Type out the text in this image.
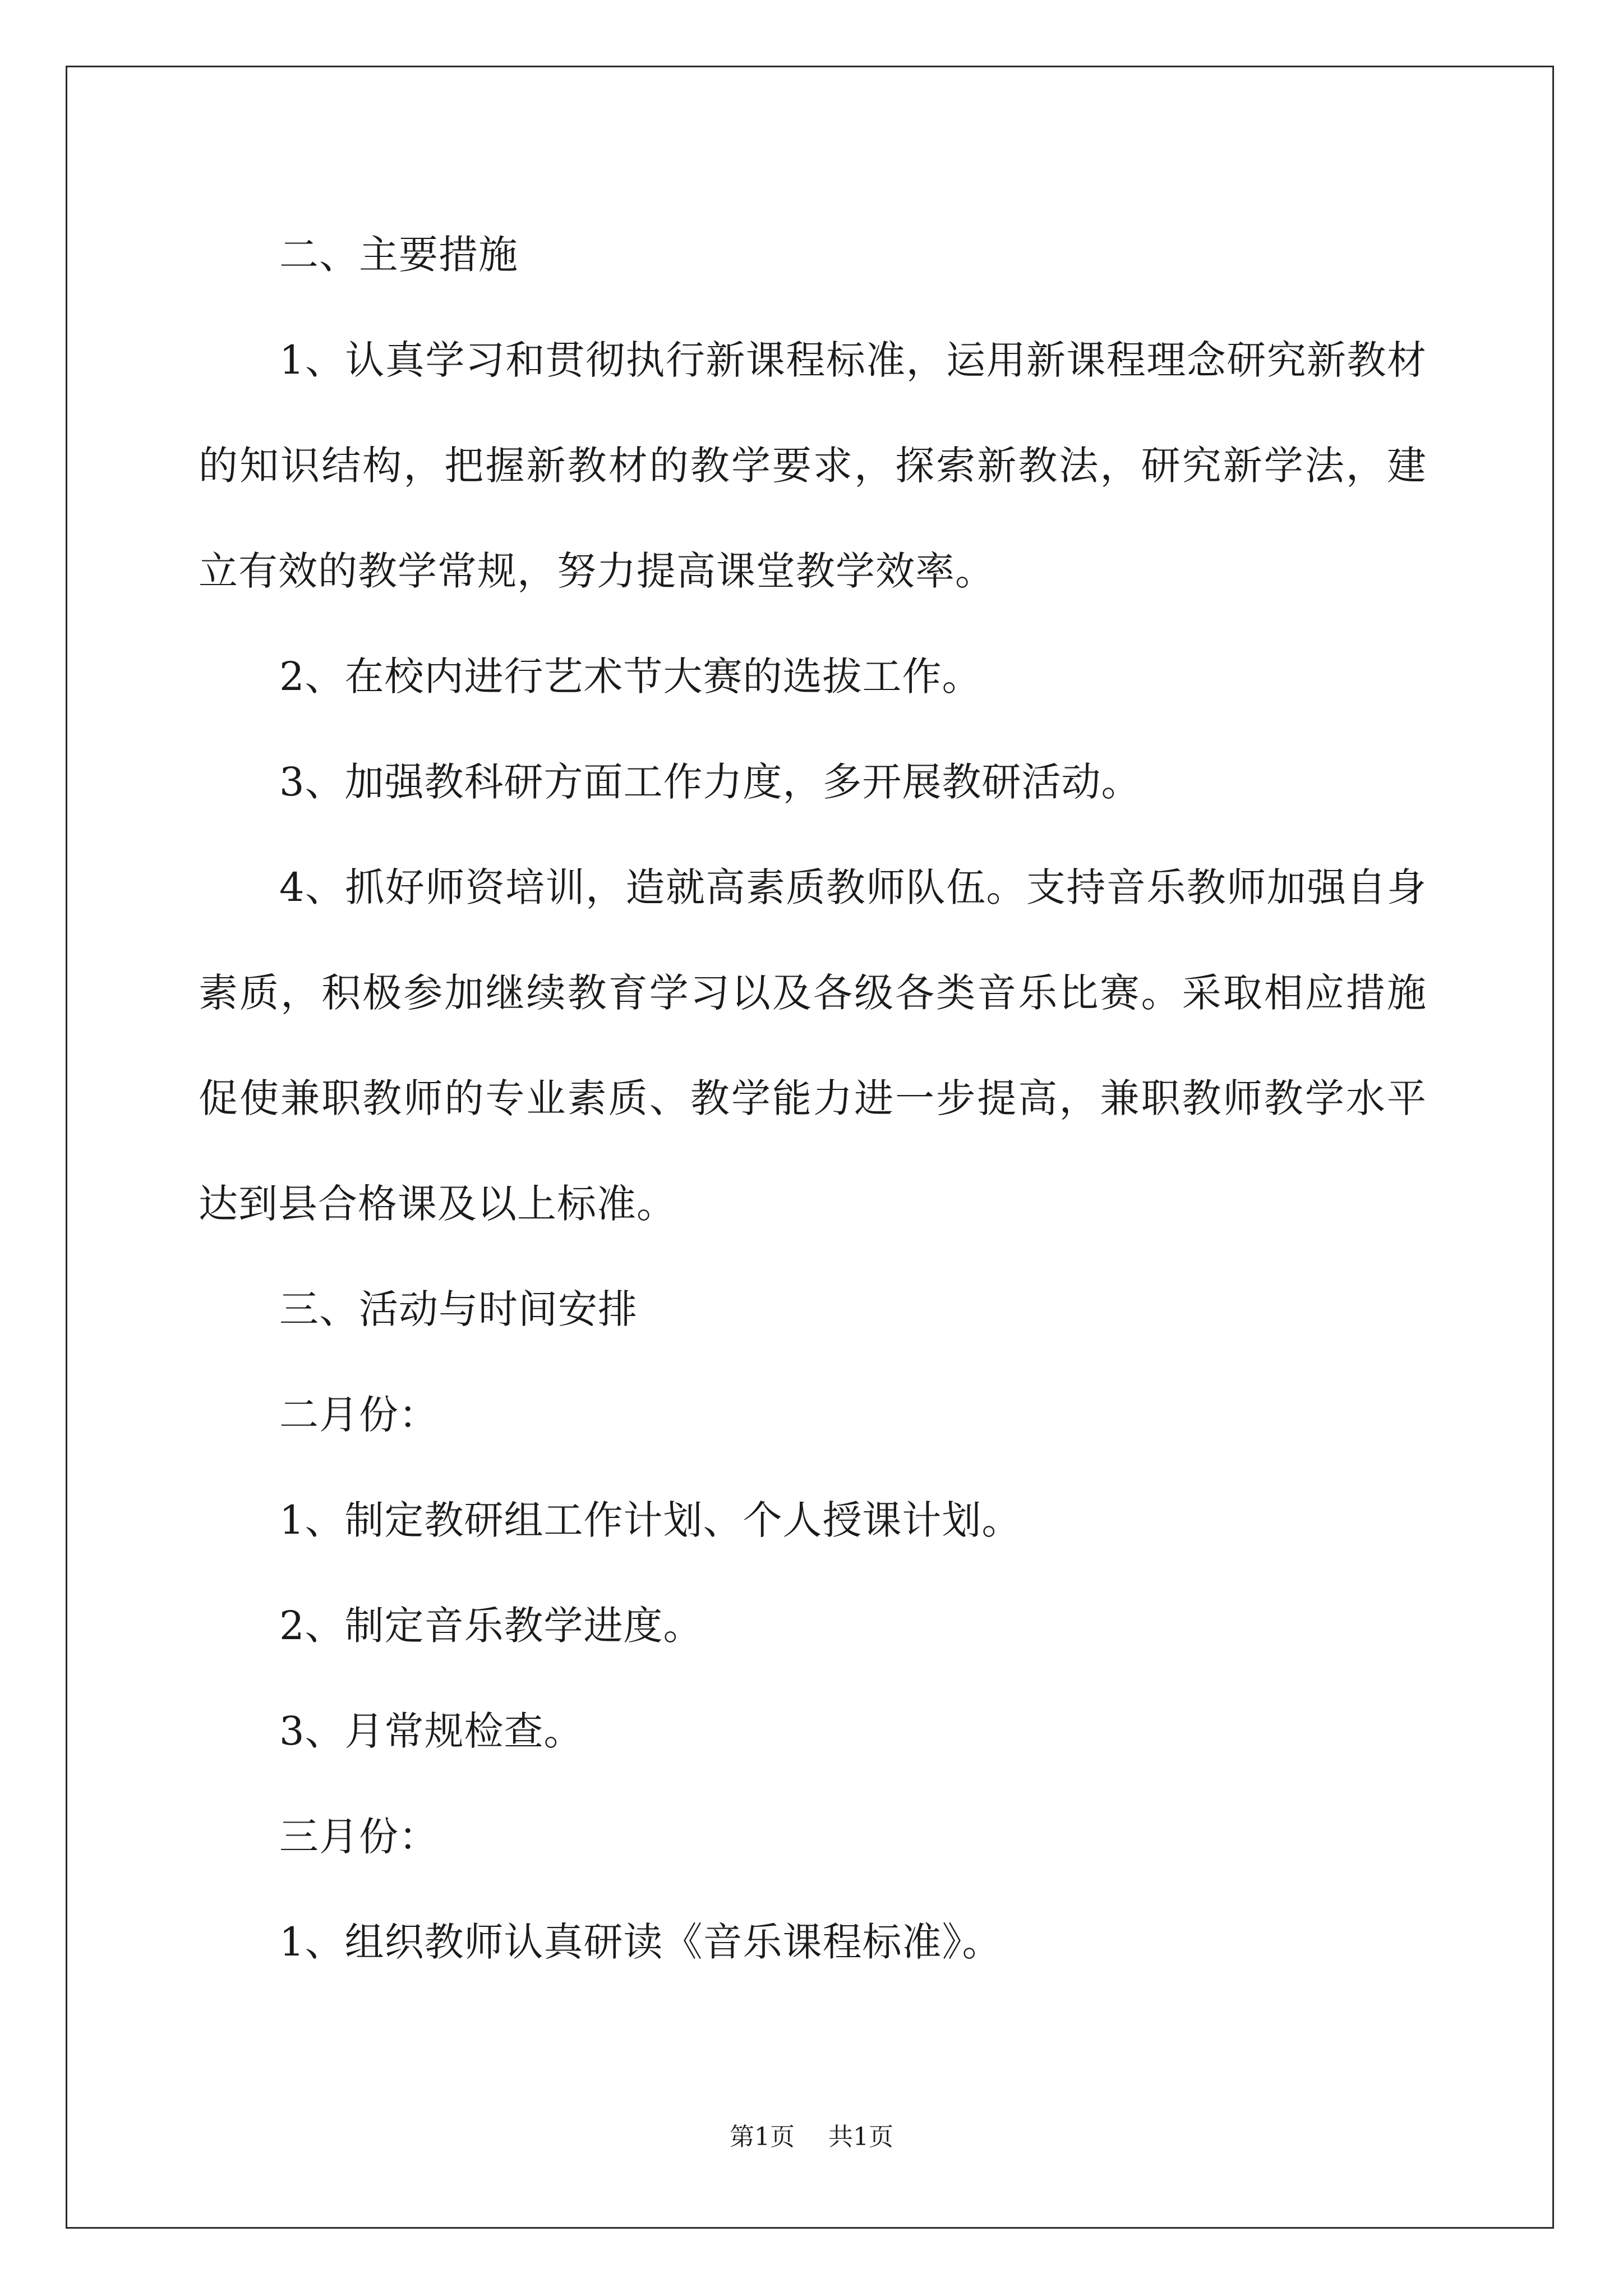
二、主要措施

1、认真学习和贯彻执行新课程标准，运用新课程理念研究新教材的知识结构，把握新教材的教学要求，探索新教法，研究新学法，建立有效的教学常规，努力提高课堂教学效率。

2、在校内进行艺术节大赛的选拔工作。

3、加强教科研方面工作力度，多开展教研活动。

4、抓好师资培训，造就高素质教师队伍。支持音乐教师加强自身素质，积极参加继续教育学习以及各级各类音乐比赛。采取相应措施促使兼职教师的专业素质、教学能力进一步提高，兼职教师教学水平达到县合格课及以上标准。

三、活动与时间安排

二月份：

1、制定教研组工作计划、个人授课计划。

2、制定音乐教学进度。

3、月常规检查。

三月份：

1、组织教师认真研读《音乐课程标准》。

第1页 共1页
